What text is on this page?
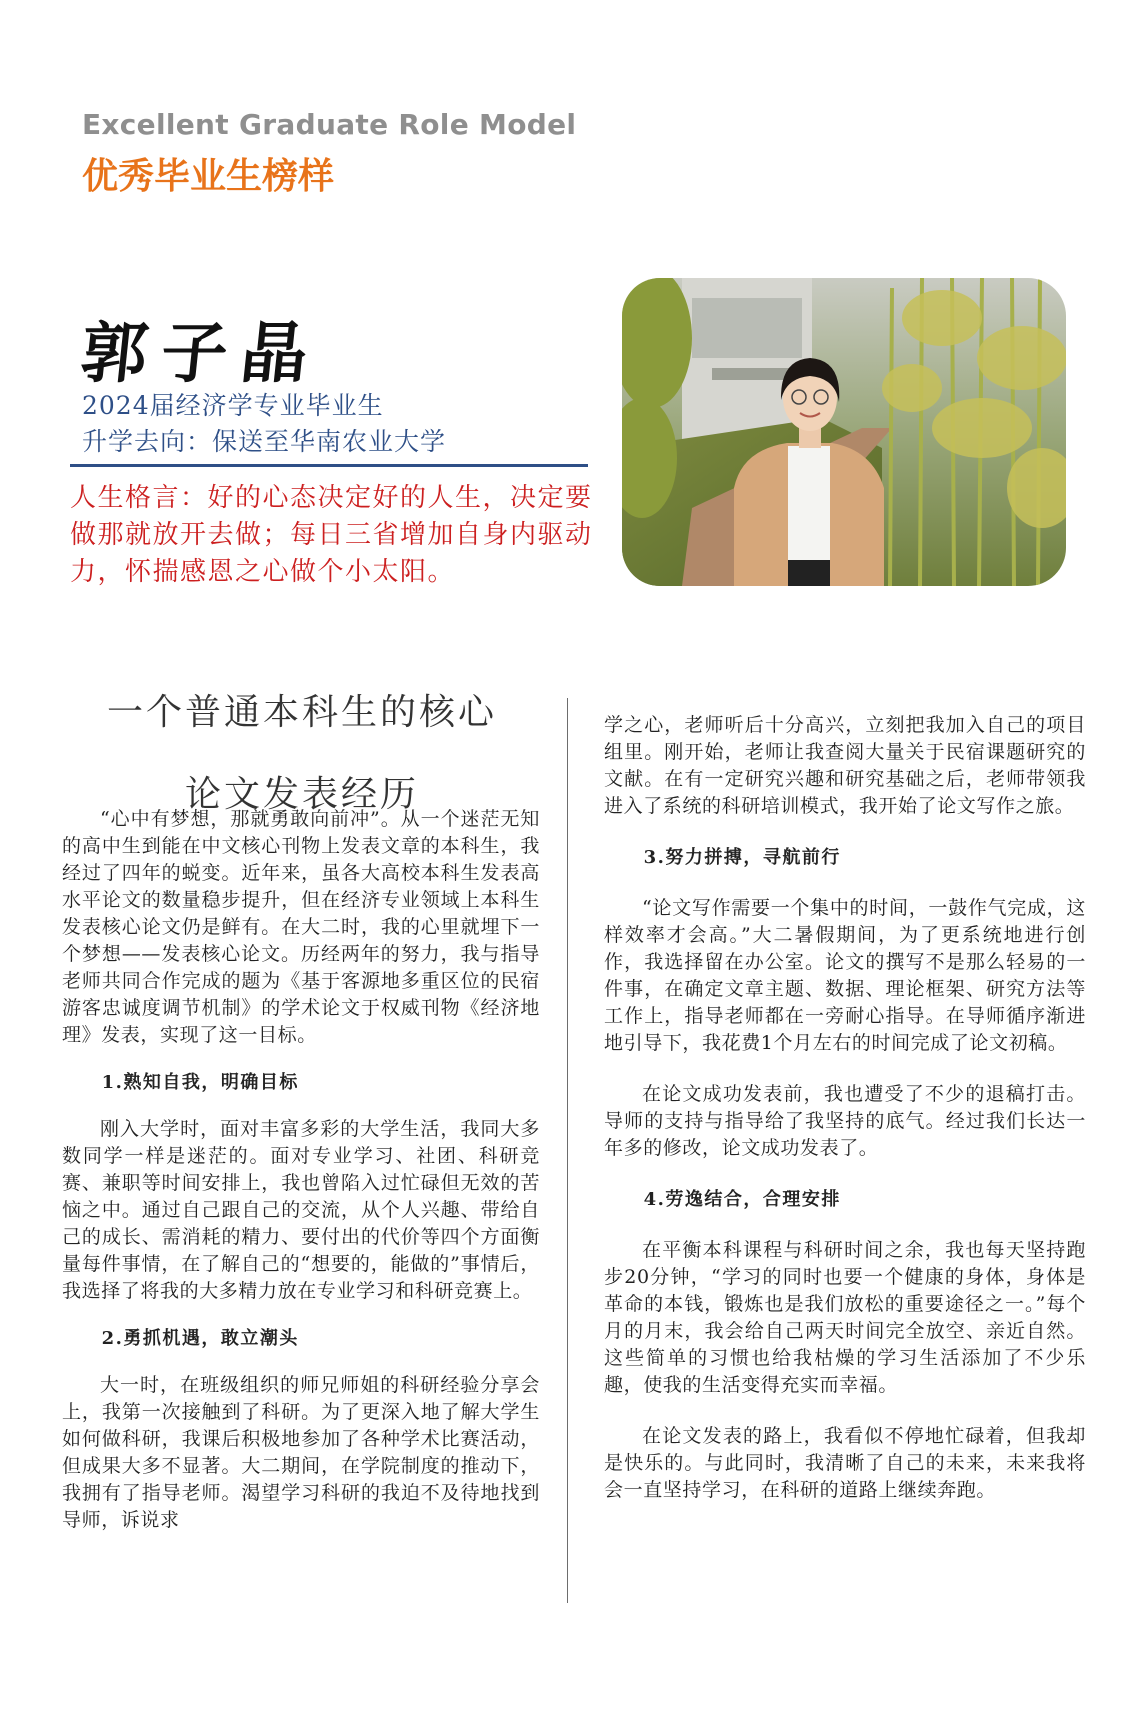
Excellent Graduate Role Model
优秀毕业生榜样
郭子晶
2024届经济学专业毕业生
升学去向：保送至华南农业大学
人生格言：好的心态决定好的人生，决定要做那就放开去做；每日三省增加自身内驱动力，怀揣感恩之心做个小太阳。
一个普通本科生的核心
论文发表经历

“心中有梦想，那就勇敢向前冲”。从一个迷茫无知的高中生到能在中文核心刊物上发表文章的本科生，我经过了四年的蜕变。近年来，虽各大高校本科生发表高水平论文的数量稳步提升，但在经济专业领域上本科生发表核心论文仍是鲜有。在大二时，我的心里就埋下一个梦想——发表核心论文。历经两年的努力，我与指导老师共同合作完成的题为《基于客源地多重区位的民宿游客忠诚度调节机制》的学术论文于权威刊物《经济地理》发表，实现了这一目标。

1.熟知自我，明确目标

刚入大学时，面对丰富多彩的大学生活，我同大多数同学一样是迷茫的。面对专业学习、社团、科研竞赛、兼职等时间安排上，我也曾陷入过忙碌但无效的苦恼之中。通过自己跟自己的交流，从个人兴趣、带给自己的成长、需消耗的精力、要付出的代价等四个方面衡量每件事情，在了解自己的“想要的，能做的”事情后，我选择了将我的大多精力放在专业学习和科研竞赛上。

2.勇抓机遇，敢立潮头

大一时，在班级组织的师兄师姐的科研经验分享会上，我第一次接触到了科研。为了更深入地了解大学生如何做科研，我课后积极地参加了各种学术比赛活动，但成果大多不显著。大二期间，在学院制度的推动下，我拥有了指导老师。渴望学习科研的我迫不及待地找到导师，诉说求

学之心，老师听后十分高兴，立刻把我加入自己的项目组里。刚开始，老师让我查阅大量关于民宿课题研究的文献。在有一定研究兴趣和研究基础之后，老师带领我进入了系统的科研培训模式，我开始了论文写作之旅。

3.努力拼搏，寻航前行

“论文写作需要一个集中的时间，一鼓作气完成，这样效率才会高。”大二暑假期间，为了更系统地进行创作，我选择留在办公室。论文的撰写不是那么轻易的一件事，在确定文章主题、数据、理论框架、研究方法等工作上，指导老师都在一旁耐心指导。在导师循序渐进地引导下，我花费1个月左右的时间完成了论文初稿。

在论文成功发表前，我也遭受了不少的退稿打击。导师的支持与指导给了我坚持的底气。经过我们长达一年多的修改，论文成功发表了。

4.劳逸结合，合理安排

在平衡本科课程与科研时间之余，我也每天坚持跑步20分钟，“学习的同时也要一个健康的身体，身体是革命的本钱，锻炼也是我们放松的重要途径之一。”每个月的月末，我会给自己两天时间完全放空、亲近自然。这些简单的习惯也给我枯燥的学习生活添加了不少乐趣，使我的生活变得充实而幸福。

在论文发表的路上，我看似不停地忙碌着，但我却是快乐的。与此同时，我清晰了自己的未来，未来我将会一直坚持学习，在科研的道路上继续奔跑。
